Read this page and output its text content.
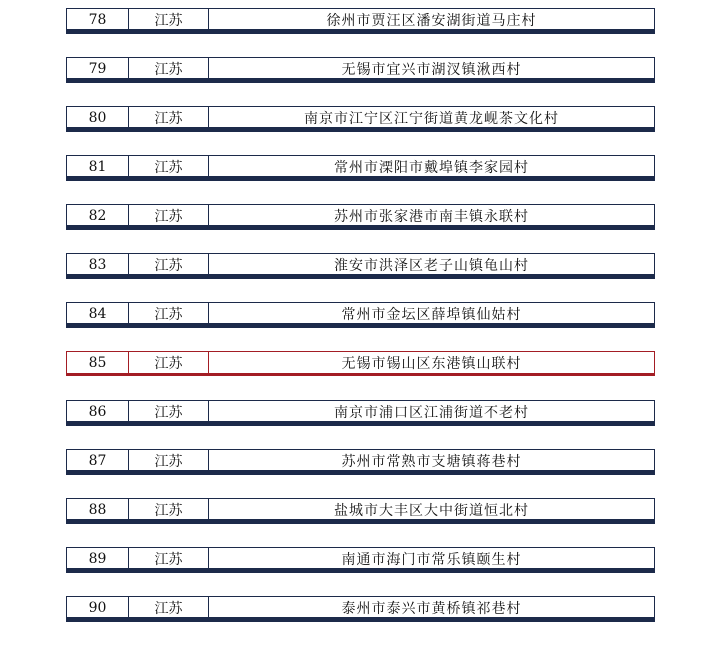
78	江苏	徐州市贾汪区潘安湖街道马庄村
79	江苏	无锡市宜兴市湖汊镇湫西村
80	江苏	南京市江宁区江宁街道黄龙岘茶文化村
81	江苏	常州市溧阳市戴埠镇李家园村
82	江苏	苏州市张家港市南丰镇永联村
83	江苏	淮安市洪泽区老子山镇龟山村
84	江苏	常州市金坛区薛埠镇仙姑村
85	江苏	无锡市锡山区东港镇山联村
86	江苏	南京市浦口区江浦街道不老村
87	江苏	苏州市常熟市支塘镇蒋巷村
88	江苏	盐城市大丰区大中街道恒北村
89	江苏	南通市海门市常乐镇颐生村
90	江苏	泰州市泰兴市黄桥镇祁巷村
